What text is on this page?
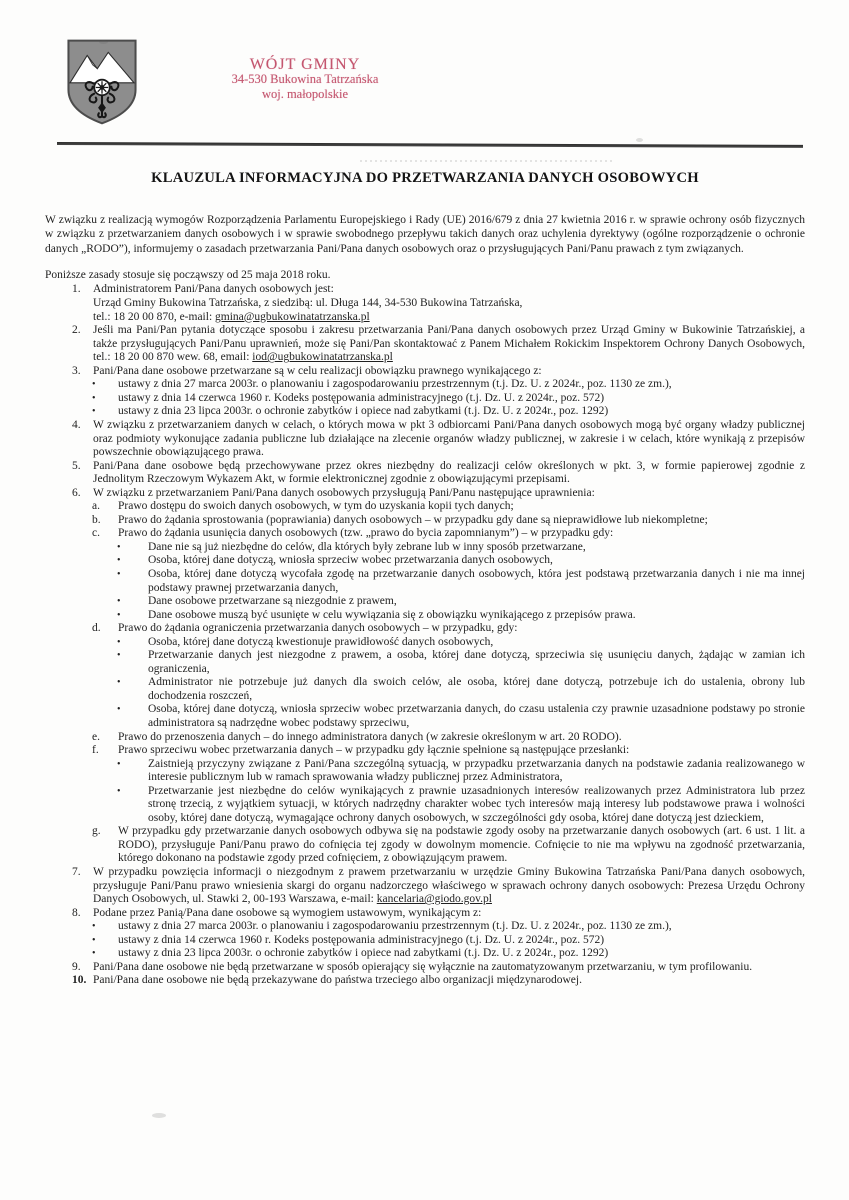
WÓJT GMINY
34-530 Bukowina Tatrzańska
woj. małopolskie
KLAUZULA INFORMACYJNA DO PRZETWARZANIA DANYCH OSOBOWYCH

W związku z realizacją wymogów Rozporządzenia Parlamentu Europejskiego i Rady (UE) 2016/679 z dnia 27 kwietnia 2016 r. w sprawie ochrony osób fizycznych w związku z przetwarzaniem danych osobowych i w sprawie swobodnego przepływu takich danych oraz uchylenia dyrektywy (ogólne rozporządzenie o ochronie danych „RODO”), informujemy o zasadach przetwarzania Pani/Pana danych osobowych oraz o przysługujących Pani/Panu prawach z tym związanych.

Poniższe zasady stosuje się począwszy od 25 maja 2018 roku.

1.	Administratorem Pani/Pana danych osobowych jest:
Urząd Gminy Bukowina Tatrzańska, z siedzibą: ul. Długa 144, 34-530 Bukowina Tatrzańska,
tel.: 18 20 00 870, e-mail: gmina@ugbukowinatatrzanska.pl
2.	Jeśli ma Pani/Pan pytania dotyczące sposobu i zakresu przetwarzania Pani/Pana danych osobowych przez Urząd Gminy w Bukowinie Tatrzańskiej, a także przysługujących Pani/Panu uprawnień, może się Pani/Pan skontaktować z Panem Michałem Rokickim Inspektorem Ochrony Danych Osobowych, tel.: 18 20 00 870 wew. 68, email: iod@ugbukowinatatrzanska.pl
3.	Pani/Pana dane osobowe przetwarzane są w celu realizacji obowiązku prawnego wynikającego z:
•	ustawy z dnia 27 marca 2003r. o planowaniu i zagospodarowaniu przestrzennym (t.j. Dz. U. z 2024r., poz. 1130 ze zm.),
•	ustawy z dnia 14 czerwca 1960 r. Kodeks postępowania administracyjnego (t.j. Dz. U. z 2024r., poz. 572)
•	ustawy z dnia 23 lipca 2003r. o ochronie zabytków i opiece nad zabytkami (t.j. Dz. U. z 2024r., poz. 1292)
4.	W związku z przetwarzaniem danych w celach, o których mowa w pkt 3 odbiorcami Pani/Pana danych osobowych mogą być organy władzy publicznej oraz podmioty wykonujące zadania publiczne lub działające na zlecenie organów władzy publicznej, w zakresie i w celach, które wynikają z przepisów powszechnie obowiązującego prawa.
5.	Pani/Pana dane osobowe będą przechowywane przez okres niezbędny do realizacji celów określonych w pkt. 3, w formie papierowej zgodnie z Jednolitym Rzeczowym Wykazem Akt, w formie elektronicznej zgodnie z obowiązującymi przepisami.
6.	W związku z przetwarzaniem Pani/Pana danych osobowych przysługują Pani/Panu następujące uprawnienia:
a.	Prawo dostępu do swoich danych osobowych, w tym do uzyskania kopii tych danych;
b.	Prawo do żądania sprostowania (poprawiania) danych osobowych – w przypadku gdy dane są nieprawidłowe lub niekompletne;
c.	Prawo do żądania usunięcia danych osobowych (tzw. „prawo do bycia zapomnianym”) – w przypadku gdy:
•	Dane nie są już niezbędne do celów, dla których były zebrane lub w inny sposób przetwarzane,
•	Osoba, której dane dotyczą, wniosła sprzeciw wobec przetwarzania danych osobowych,
•	Osoba, której dane dotyczą wycofała zgodę na przetwarzanie danych osobowych, która jest podstawą przetwarzania danych i nie ma innej podstawy prawnej przetwarzania danych,
•	Dane osobowe przetwarzane są niezgodnie z prawem,
•	Dane osobowe muszą być usunięte w celu wywiązania się z obowiązku wynikającego z przepisów prawa.
d.	Prawo do żądania ograniczenia przetwarzania danych osobowych – w przypadku, gdy:
•	Osoba, której dane dotyczą kwestionuje prawidłowość danych osobowych,
•	Przetwarzanie danych jest niezgodne z prawem, a osoba, której dane dotyczą, sprzeciwia się usunięciu danych, żądając w zamian ich ograniczenia,
•	Administrator nie potrzebuje już danych dla swoich celów, ale osoba, której dane dotyczą, potrzebuje ich do ustalenia, obrony lub dochodzenia roszczeń,
•	Osoba, której dane dotyczą, wniosła sprzeciw wobec przetwarzania danych, do czasu ustalenia czy prawnie uzasadnione podstawy po stronie administratora są nadrzędne wobec podstawy sprzeciwu,
e.	Prawo do przenoszenia danych – do innego administratora danych (w zakresie określonym w art. 20 RODO).
f.	Prawo sprzeciwu wobec przetwarzania danych – w przypadku gdy łącznie spełnione są następujące przesłanki:
•	Zaistnieją przyczyny związane z Pani/Pana szczególną sytuacją, w przypadku przetwarzania danych na podstawie zadania realizowanego w interesie publicznym lub w ramach sprawowania władzy publicznej przez Administratora,
•	Przetwarzanie jest niezbędne do celów wynikających z prawnie uzasadnionych interesów realizowanych przez Administratora lub przez stronę trzecią, z wyjątkiem sytuacji, w których nadrzędny charakter wobec tych interesów mają interesy lub podstawowe prawa i wolności osoby, której dane dotyczą, wymagające ochrony danych osobowych, w szczególności gdy osoba, której dane dotyczą jest dzieckiem,
g.	W przypadku gdy przetwarzanie danych osobowych odbywa się na podstawie zgody osoby na przetwarzanie danych osobowych (art. 6 ust. 1 lit. a RODO), przysługuje Pani/Panu prawo do cofnięcia tej zgody w dowolnym momencie. Cofnięcie to nie ma wpływu na zgodność przetwarzania, którego dokonano na podstawie zgody przed cofnięciem, z obowiązującym prawem.
7.	W przypadku powzięcia informacji o niezgodnym z prawem przetwarzaniu w urzędzie Gminy Bukowina Tatrzańska Pani/Pana danych osobowych, przysługuje Pani/Panu prawo wniesienia skargi do organu nadzorczego właściwego w sprawach ochrony danych osobowych: Prezesa Urzędu Ochrony Danych Osobowych, ul. Stawki 2, 00-193 Warszawa, e-mail: kancelaria@giodo.gov.pl
8.	Podane przez Panią/Pana dane osobowe są wymogiem ustawowym, wynikającym z:
•	ustawy z dnia 27 marca 2003r. o planowaniu i zagospodarowaniu przestrzennym (t.j. Dz. U. z 2024r., poz. 1130 ze zm.),
•	ustawy z dnia 14 czerwca 1960 r. Kodeks postępowania administracyjnego (t.j. Dz. U. z 2024r., poz. 572)
•	ustawy z dnia 23 lipca 2003r. o ochronie zabytków i opiece nad zabytkami (t.j. Dz. U. z 2024r., poz. 1292)
9.	Pani/Pana dane osobowe nie będą przetwarzane w sposób opierający się wyłącznie na zautomatyzowanym przetwarzaniu, w tym profilowaniu.
10. Pani/Pana dane osobowe nie będą przekazywane do państwa trzeciego albo organizacji międzynarodowej.
